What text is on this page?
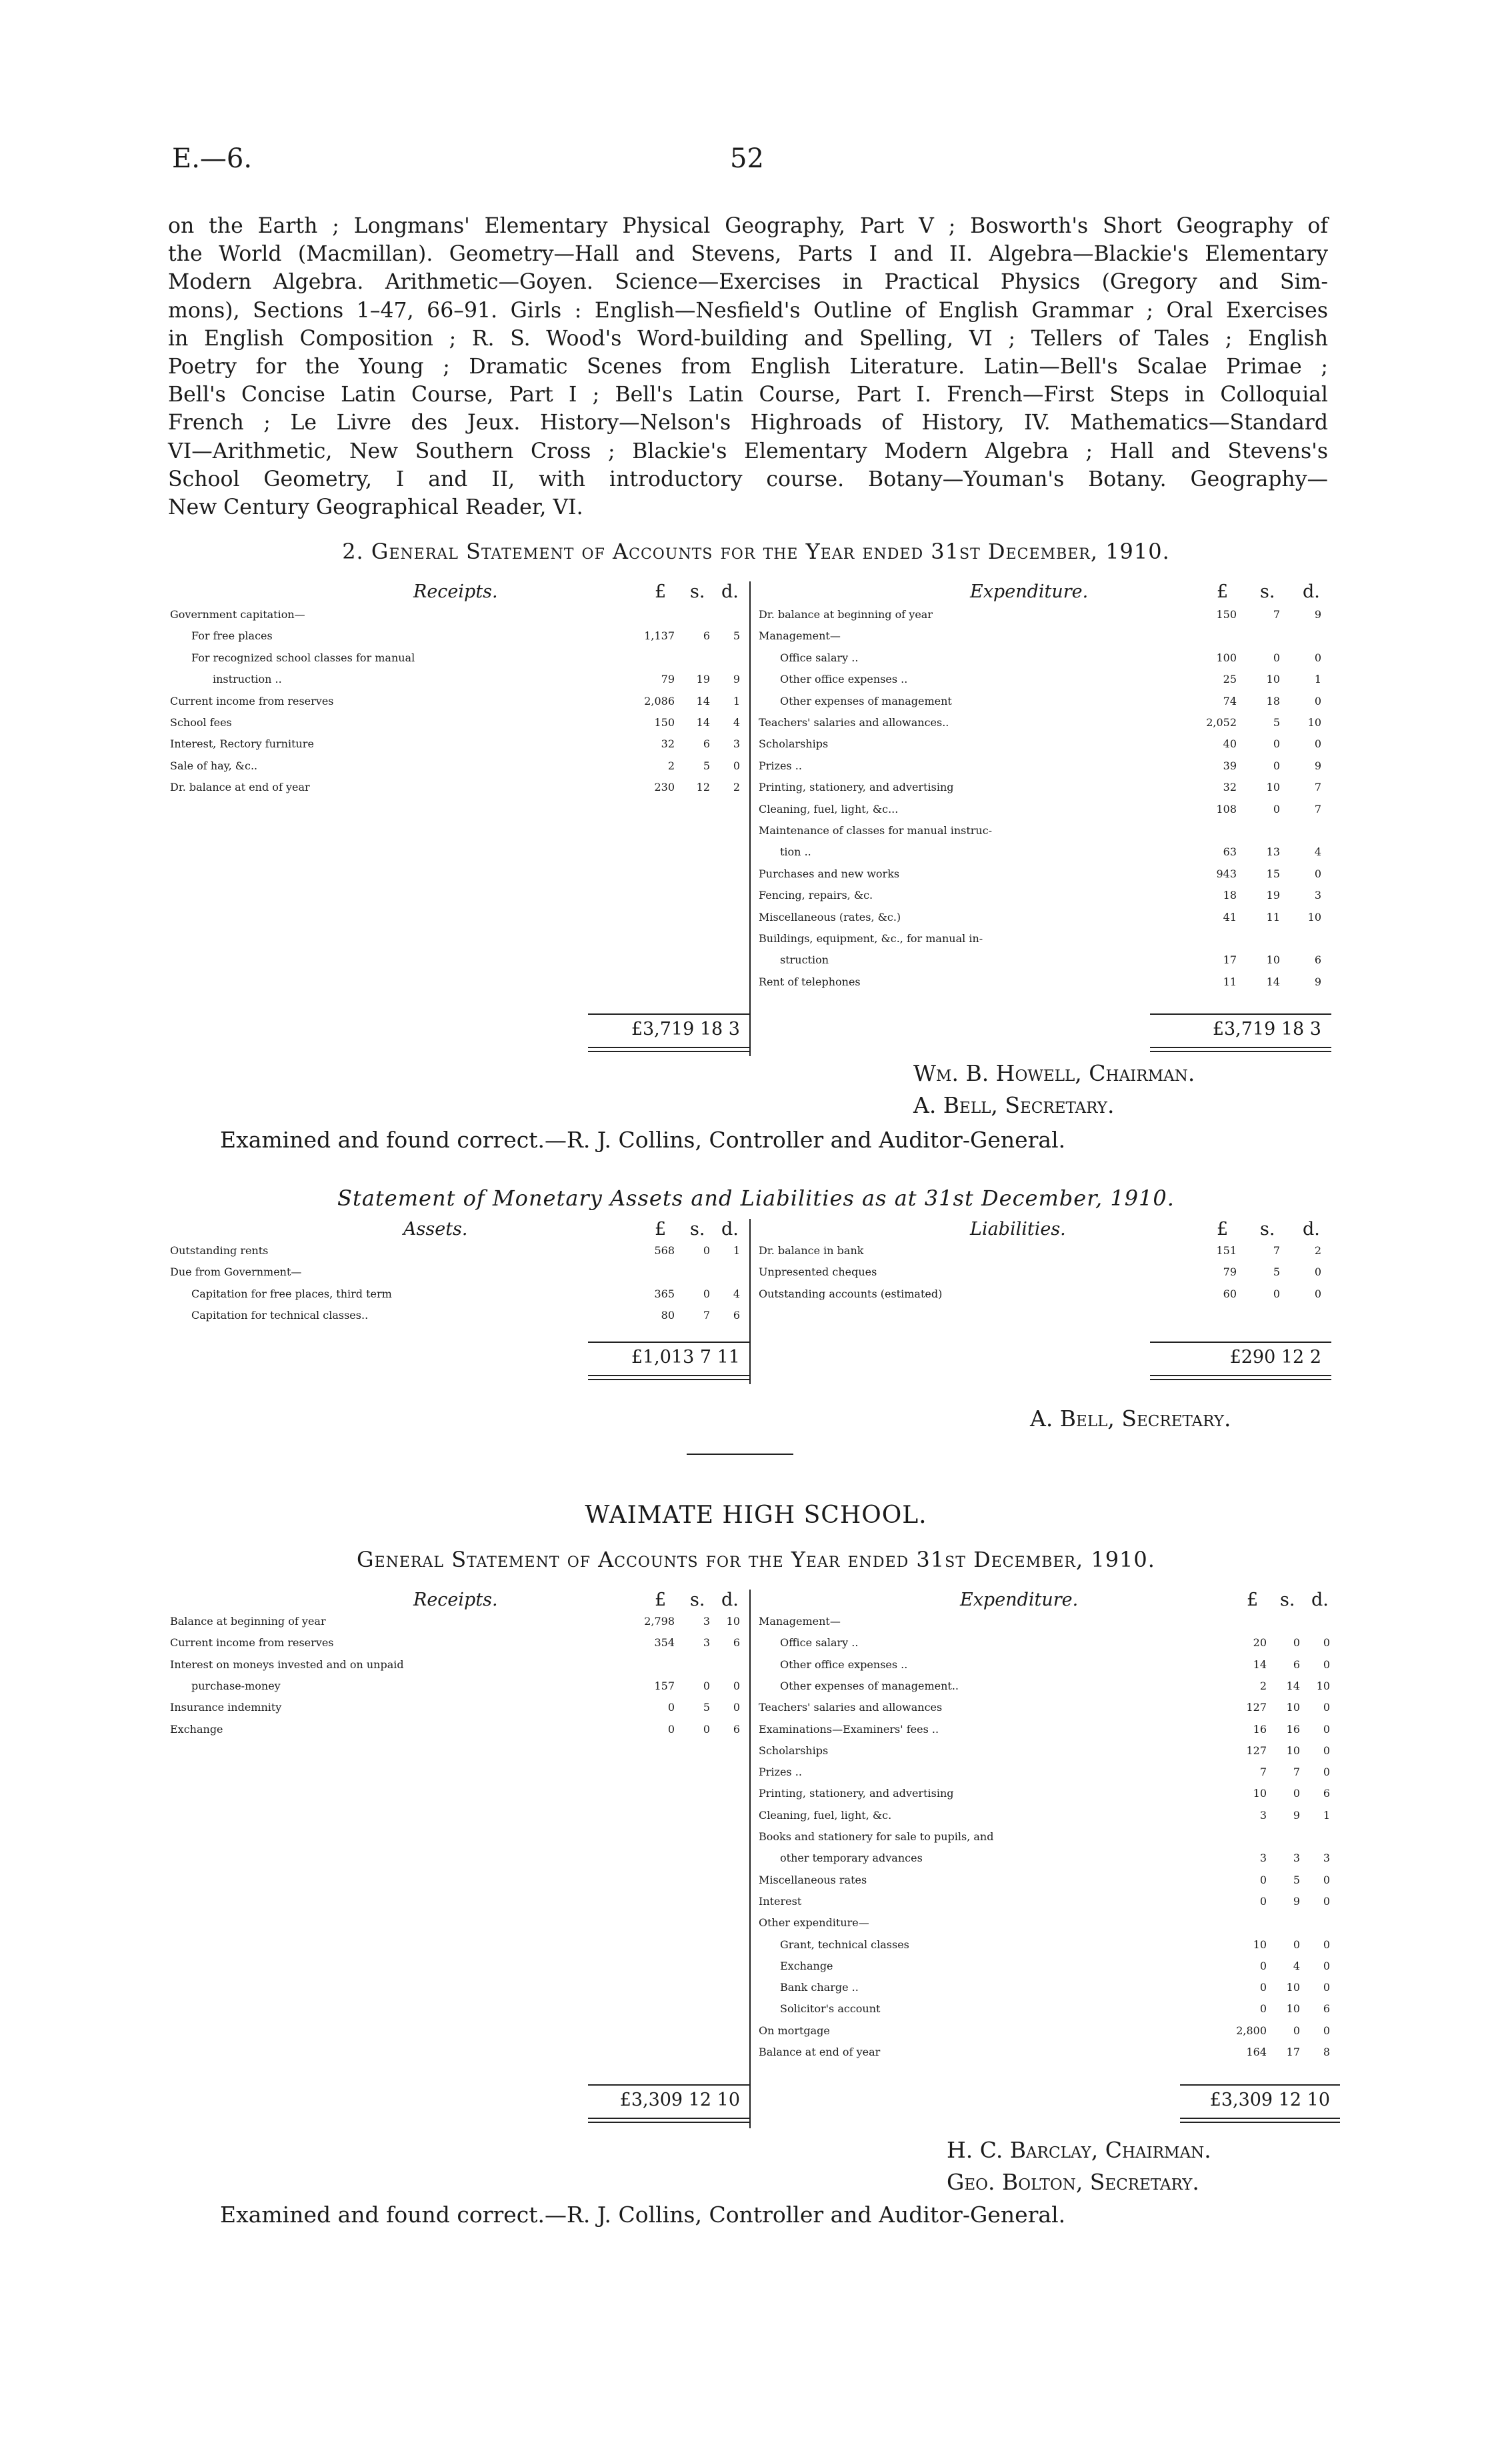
E.—6.	52
on the Earth ; Longmans' Elementary Physical Geography, Part V ; Bosworth's Short Geography of
the World (Macmillan). Geometry—Hall and Stevens, Parts I and II. Algebra—Blackie's Elementary
Modern Algebra. Arithmetic—Goyen. Science—Exercises in Practical Physics (Gregory and Sim-
mons), Sections 1–47, 66–91. Girls : English—Nesfield's Outline of English Grammar ; Oral Exercises
in English Composition ; R. S. Wood's Word-building and Spelling, VI ; Tellers of Tales ; English
Poetry for the Young ; Dramatic Scenes from English Literature. Latin—Bell's Scalae Primae ;
Bell's Concise Latin Course, Part I ; Bell's Latin Course, Part I. French—First Steps in Colloquial
French ; Le Livre des Jeux. History—Nelson's Highroads of History, IV. Mathematics—Standard
VI—Arithmetic, New Southern Cross ; Blackie's Elementary Modern Algebra ; Hall and Stevens's
School Geometry, I and II, with introductory course. Botany—Youman's Botany. Geography—
New Century Geographical Reader, VI.
2. General Statement of Accounts for the Year ended 31st December, 1910.
Receipts.	£ s. d.	Expenditure.	£ s. d.
Government capitation—
For free places	1,137	6	5
For recognized school classes for manual
instruction ..	79	19	9
Current income from reserves	2,086	14	1
School fees	150	14	4
Interest, Rectory furniture	32	6	3
Sale of hay, &c..	2	5	0
Dr. balance at end of year	230	12	2
Dr. balance at beginning of year	150	7	9
Management—
Office salary ..	100	0	0
Other office expenses ..	25	10	1
Other expenses of management	74	18	0
Teachers' salaries and allowances..	2,052	5	10
Scholarships	40	0	0
Prizes ..	39	0	9
Printing, stationery, and advertising	32	10	7
Cleaning, fuel, light, &c...	108	0	7
Maintenance of classes for manual instruc-
tion ..	63	13	4
Purchases and new works	943	15	0
Fencing, repairs, &c.	18	19	3
Miscellaneous (rates, &c.)	41	11	10
Buildings, equipment, &c., for manual in-
struction	17	10	6
Rent of telephones	11	14	9
£3,719 18 3	£3,719 18 3
Wm. B. Howell, Chairman.
A. Bell, Secretary.
Examined and found correct.—R. J. Collins, Controller and Auditor-General.
Statement of Monetary Assets and Liabilities as at 31st December, 1910.
Assets.	£ s. d.	Liabilities.	£ s. d.
Outstanding rents	568	0	1
Due from Government—
Capitation for free places, third term	365	0	4
Capitation for technical classes..	80	7	6
Dr. balance in bank	151	7	2
Unpresented cheques	79	5	0
Outstanding accounts (estimated)	60	0	0
£1,013 7 11	£290 12 2
A. Bell, Secretary.
WAIMATE HIGH SCHOOL.
General Statement of Accounts for the Year ended 31st December, 1910.
Receipts.	£ s. d.	Expenditure.	£ s. d.
Balance at beginning of year	2,798	3	10
Current income from reserves	354	3	6
Interest on moneys invested and on unpaid
purchase-money	157	0	0
Insurance indemnity	0	5	0
Exchange	0	0	6
Management—
Office salary ..	20	0	0
Other office expenses ..	14	6	0
Other expenses of management..	2	14	10
Teachers' salaries and allowances	127	10	0
Examinations—Examiners' fees ..	16	16	0
Scholarships	127	10	0
Prizes ..	7	7	0
Printing, stationery, and advertising	10	0	6
Cleaning, fuel, light, &c.	3	9	1
Books and stationery for sale to pupils, and
other temporary advances	3	3	3
Miscellaneous rates	0	5	0
Interest	0	9	0
Other expenditure—
Grant, technical classes	10	0	0
Exchange	0	4	0
Bank charge ..	0	10	0
Solicitor's account	0	10	6
On mortgage	2,800	0	0
Balance at end of year	164	17	8
£3,309 12 10	£3,309 12 10
H. C. Barclay, Chairman.
Geo. Bolton, Secretary.
Examined and found correct.—R. J. Collins, Controller and Auditor-General.
